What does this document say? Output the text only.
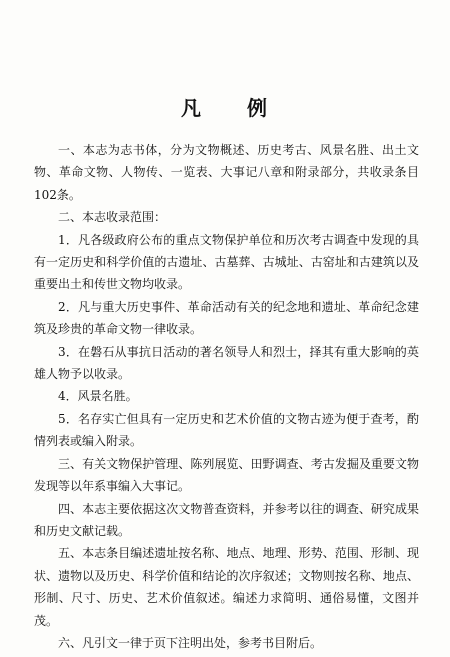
凡 例

一、本志为志书体，分为文物概述、历史考古、风景名胜、出土文物、革命文物、人物传、一览表、大事记八章和附录部分，共收录条目102条。

二、本志收录范围：

1．凡各级政府公布的重点文物保护单位和历次考古调查中发现的具有一定历史和科学价值的古遗址、古墓葬、古城址、古窑址和古建筑以及重要出土和传世文物均收录。

2．凡与重大历史事件、革命活动有关的纪念地和遗址、革命纪念建筑及珍贵的革命文物一律收录。

3．在磐石从事抗日活动的著名领导人和烈士，择其有重大影响的英雄人物予以收录。

4．风景名胜。

5．名存实亡但具有一定历史和艺术价值的文物古迹为便于查考，酌情列表或编入附录。

三、有关文物保护管理、陈列展览、田野调查、考古发掘及重要文物发现等以年系事编入大事记。

四、本志主要依据这次文物普查资料，并参考以往的调查、研究成果和历史文献记载。

五、本志条目编述遗址按名称、地点、地理、形势、范围、形制、现状、遗物以及历史、科学价值和结论的次序叙述；文物则按名称、地点、形制、尺寸、历史、艺术价值叙述。编述力求简明、通俗易懂，文图并茂。

六、凡引文一律于页下注明出处，参考书目附后。
